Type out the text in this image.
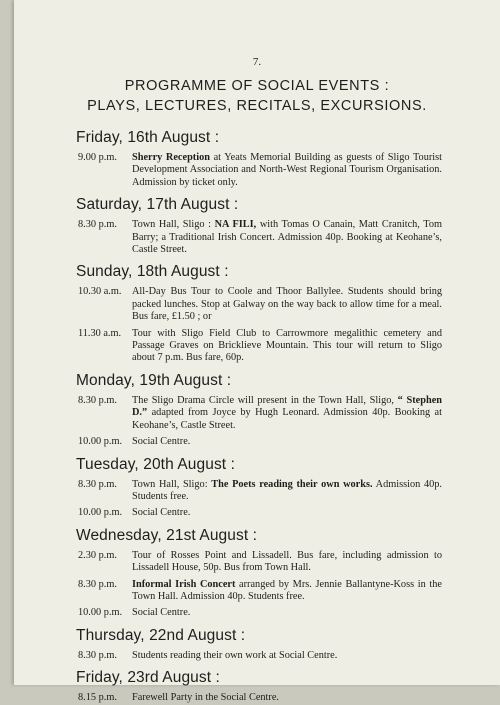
7.
PROGRAMME OF SOCIAL EVENTS :
PLAYS, LECTURES, RECITALS, EXCURSIONS.
Friday, 16th August :
9.00 p.m.	Sherry Reception at Yeats Memorial Building as guests of Sligo Tourist Development Association and North-West Regional Tourism Organisation. Admission by ticket only.
Saturday, 17th August :
8.30 p.m.	Town Hall, Sligo : NA FILI, with Tomas O Canain, Matt Cranitch, Tom Barry; a Traditional Irish Concert. Admission 40p. Booking at Keohane’s, Castle Street.
Sunday, 18th August :
10.30 a.m.	All-Day Bus Tour to Coole and Thoor Ballylee. Students should bring packed lunches. Stop at Galway on the way back to allow time for a meal. Bus fare, £1.50 ; or
11.30 a.m.	Tour with Sligo Field Club to Carrowmore megalithic cemetery and Passage Graves on Bricklieve Mountain. This tour will return to Sligo about 7 p.m. Bus fare, 60p.
Monday, 19th August :
8.30 p.m.	The Sligo Drama Circle will present in the Town Hall, Sligo, “ Stephen D.” adapted from Joyce by Hugh Leonard. Admission 40p. Booking at Keohane’s, Castle Street.
10.00 p.m. Social Centre.
Tuesday, 20th August :
8.30 p.m.	Town Hall, Sligo: The Poets reading their own works. Admission 40p. Students free.
10.00 p.m. Social Centre.
Wednesday, 21st August :
2.30 p.m.	Tour of Rosses Point and Lissadell. Bus fare, including admission to Lissadell House, 50p. Bus from Town Hall.
8.30 p.m.	Informal Irish Concert arranged by Mrs. Jennie Ballantyne-Koss in the Town Hall. Admission 40p. Students free.
10.00 p.m. Social Centre.
Thursday, 22nd August :
8.30 p.m.	Students reading their own work at Social Centre.
Friday, 23rd August :
8.15 p.m.	Farewell Party in the Social Centre.
